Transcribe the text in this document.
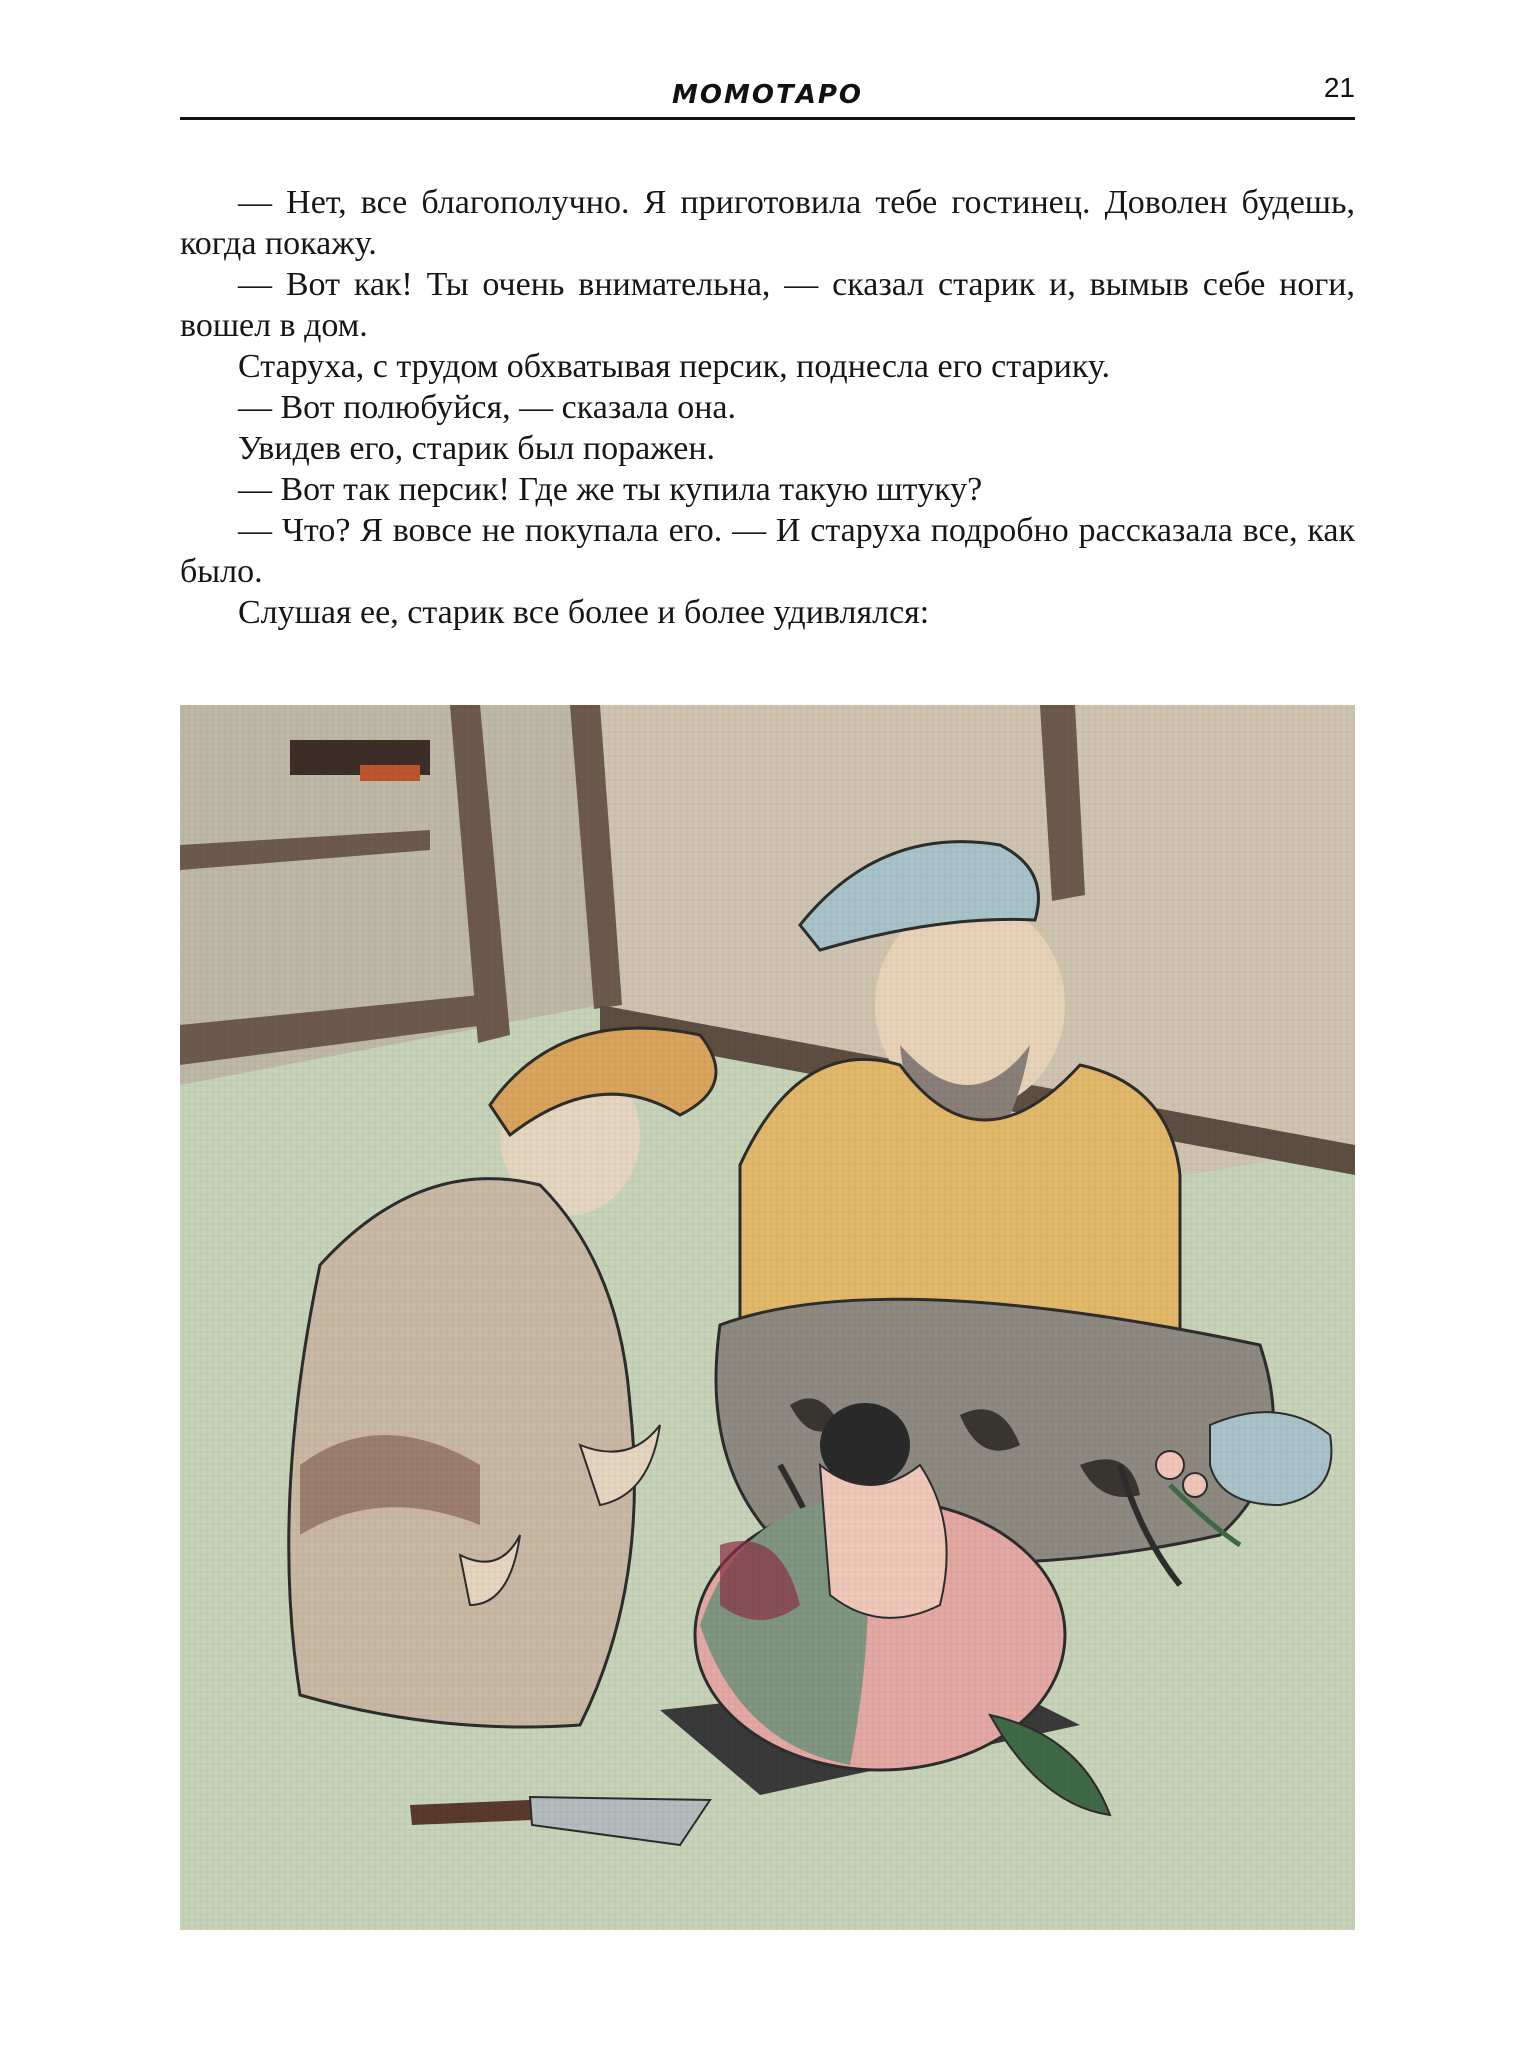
МОМОТАРО	21

— Нет, все благополучно. Я приготовила тебе гостинец. Доволен будешь, когда покажу.

— Вот как! Ты очень внимательна, — сказал старик и, вымыв себе ноги, вошел в дом.

Старуха, с трудом обхватывая персик, поднесла его старику.

— Вот полюбуйся, — сказала она.

Увидев его, старик был поражен.

— Вот так персик! Где же ты купила такую штуку?

— Что? Я вовсе не покупала его. — И старуха подробно рассказала все, как было.

Слушая ее, старик все более и более удивлялся:
